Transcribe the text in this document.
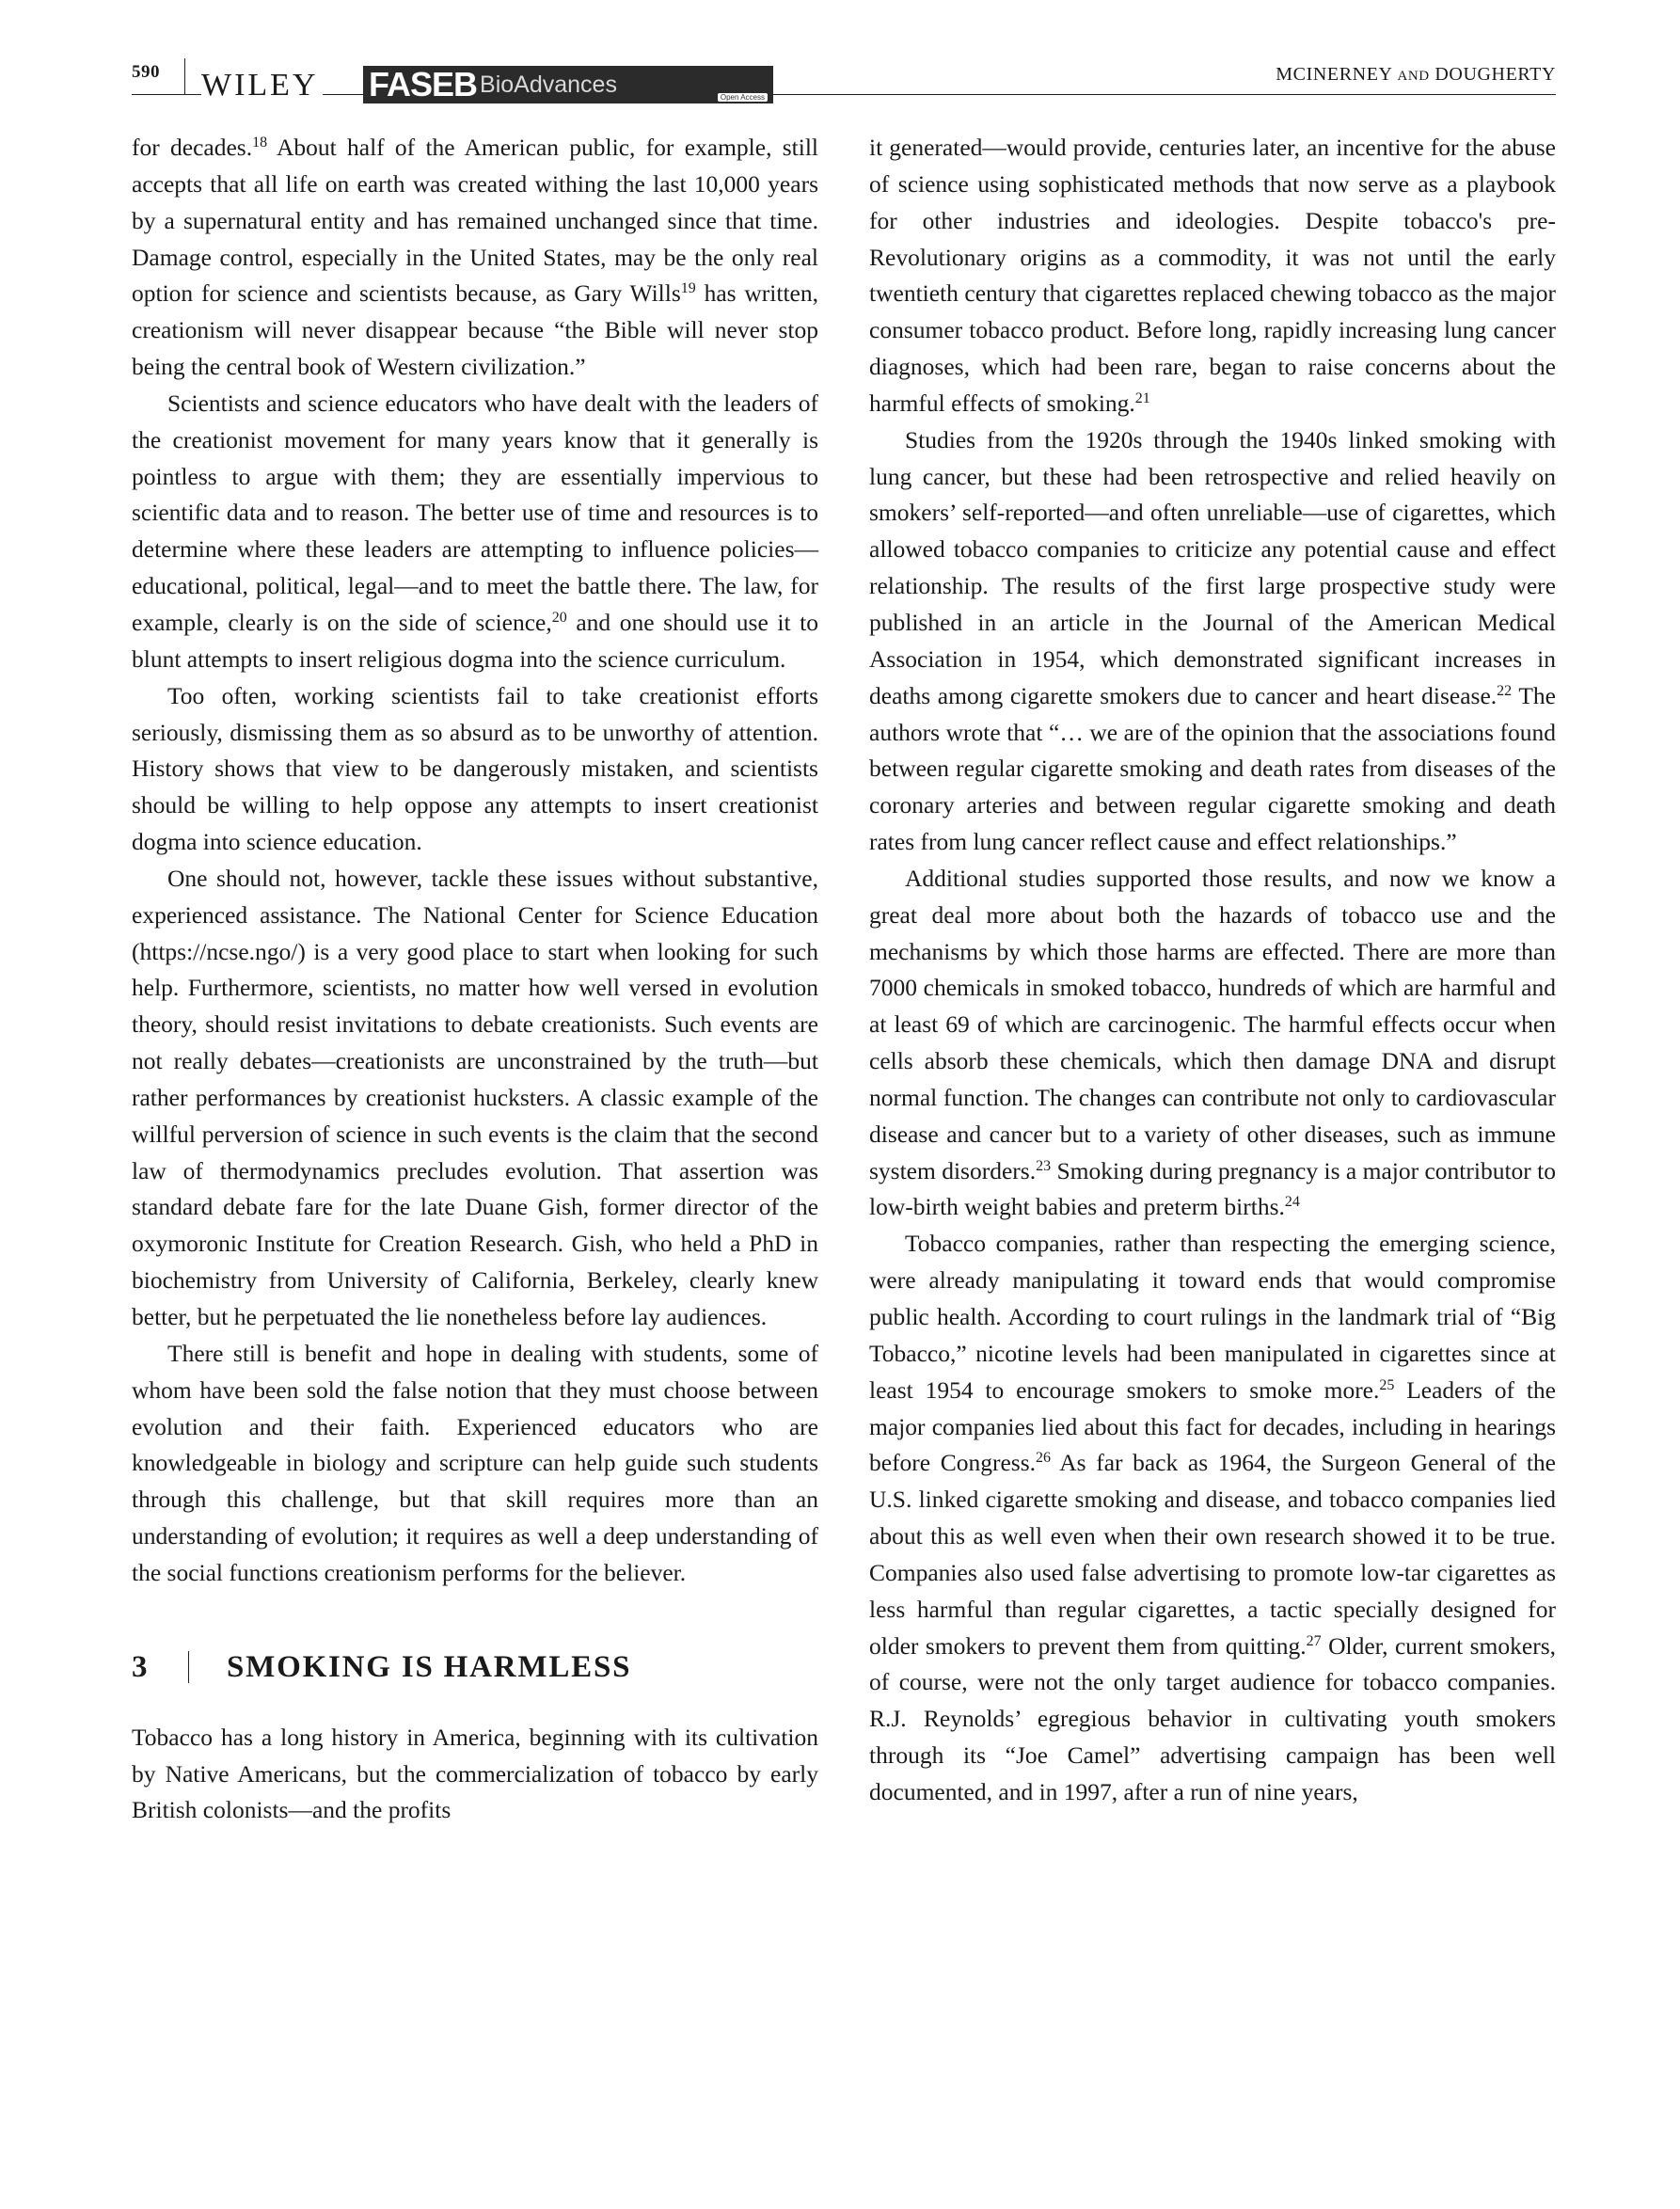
590 WILEY FASEB BioAdvances	Open Access
MCINERNEY AND DOUGHERTY

for decades.$^{18}$ About half of the American public, for example, still accepts that all life on earth was created withing the last 10,000 years by a supernatural entity and has remained unchanged since that time. Damage control, especially in the United States, may be the only real option for science and scientists because, as Gary Wills$^{19}$ has written, creationism will never disappear because “the Bible will never stop being the central book of Western civilization.”

Scientists and science educators who have dealt with the leaders of the creationist movement for many years know that it generally is pointless to argue with them; they are essentially impervious to scientific data and to reason. The better use of time and resources is to determine where these leaders are attempting to influence policies—educational, political, legal—and to meet the battle there. The law, for example, clearly is on the side of science,$^{20}$ and one should use it to blunt attempts to insert religious dogma into the science curriculum.

Too often, working scientists fail to take creationist efforts seriously, dismissing them as so absurd as to be unworthy of attention. History shows that view to be dangerously mistaken, and scientists should be willing to help oppose any attempts to insert creationist dogma into science education.

One should not, however, tackle these issues without substantive, experienced assistance. The National Center for Science Education (https://ncse.ngo/) is a very good place to start when looking for such help. Furthermore, scientists, no matter how well versed in evolution theory, should resist invitations to debate creationists. Such events are not really debates—creationists are unconstrained by the truth—but rather performances by creationist hucksters. A classic example of the willful perversion of science in such events is the claim that the second law of thermodynamics precludes evolution. That assertion was standard debate fare for the late Duane Gish, former director of the oxymoronic Institute for Creation Research. Gish, who held a PhD in biochemistry from University of California, Berkeley, clearly knew better, but he perpetuated the lie nonetheless before lay audiences.

There still is benefit and hope in dealing with students, some of whom have been sold the false notion that they must choose between evolution and their faith. Experienced educators who are knowledgeable in biology and scripture can help guide such students through this challenge, but that skill requires more than an understanding of evolution; it requires as well a deep understanding of the social functions creationism performs for the believer.

3	SMOKING IS HARMLESS

Tobacco has a long history in America, beginning with its cultivation by Native Americans, but the commercialization of tobacco by early British colonists—and the profits

it generated—would provide, centuries later, an incentive for the abuse of science using sophisticated methods that now serve as a playbook for other industries and ideologies. Despite tobacco's pre-Revolutionary origins as a commodity, it was not until the early twentieth century that cigarettes replaced chewing tobacco as the major consumer tobacco product. Before long, rapidly increasing lung cancer diagnoses, which had been rare, began to raise concerns about the harmful effects of smoking.$^{21}$

Studies from the 1920s through the 1940s linked smoking with lung cancer, but these had been retrospective and relied heavily on smokers’ self-reported—and often unreliable—use of cigarettes, which allowed tobacco companies to criticize any potential cause and effect relationship. The results of the first large prospective study were published in an article in the Journal of the American Medical Association in 1954, which demonstrated significant increases in deaths among cigarette smokers due to cancer and heart disease.$^{22}$ The authors wrote that “… we are of the opinion that the associations found between regular cigarette smoking and death rates from diseases of the coronary arteries and between regular cigarette smoking and death rates from lung cancer reflect cause and effect relationships.”

Additional studies supported those results, and now we know a great deal more about both the hazards of tobacco use and the mechanisms by which those harms are effected. There are more than 7000 chemicals in smoked tobacco, hundreds of which are harmful and at least 69 of which are carcinogenic. The harmful effects occur when cells absorb these chemicals, which then damage DNA and disrupt normal function. The changes can contribute not only to cardiovascular disease and cancer but to a variety of other diseases, such as immune system disorders.$^{23}$ Smoking during pregnancy is a major contributor to low-birth weight babies and preterm births.$^{24}$

Tobacco companies, rather than respecting the emerging science, were already manipulating it toward ends that would compromise public health. According to court rulings in the landmark trial of “Big Tobacco,” nicotine levels had been manipulated in cigarettes since at least 1954 to encourage smokers to smoke more.$^{25}$ Leaders of the major companies lied about this fact for decades, including in hearings before Congress.$^{26}$ As far back as 1964, the Surgeon General of the U.S. linked cigarette smoking and disease, and tobacco companies lied about this as well even when their own research showed it to be true. Companies also used false advertising to promote low-tar cigarettes as less harmful than regular cigarettes, a tactic specially designed for older smokers to prevent them from quitting.$^{27}$ Older, current smokers, of course, were not the only target audience for tobacco companies. R.J. Reynolds’ egregious behavior in cultivating youth smokers through its “Joe Camel” advertising campaign has been well documented, and in 1997, after a run of nine years,
